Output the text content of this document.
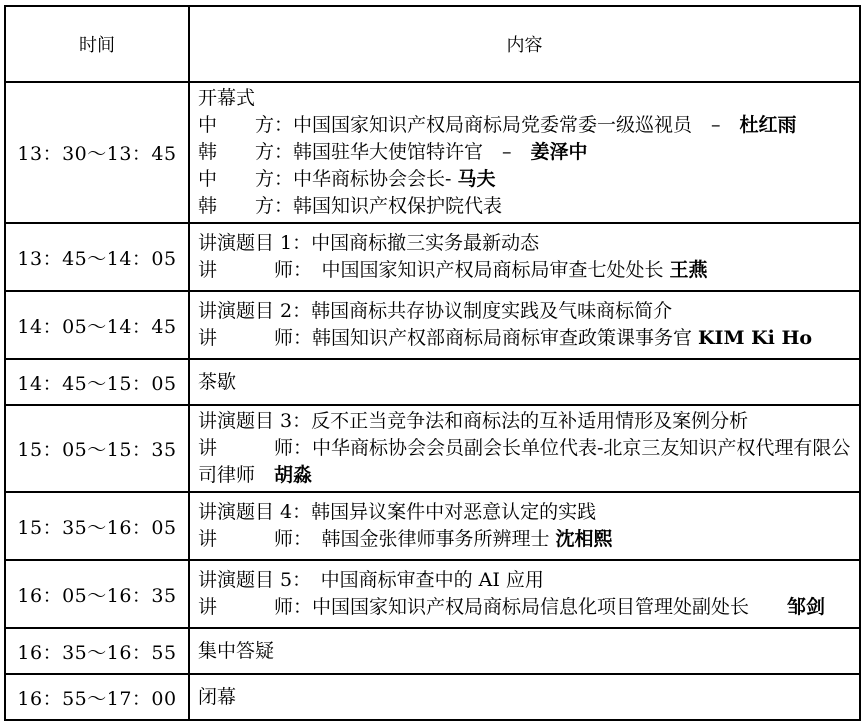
时间	内容
13：30～13：45	开幕式
中　　方：中国国家知识产权局商标局党委常委一级巡视员　–　杜红雨
韩　　方：韩国驻华大使馆特许官　–　姜泽中
中　　方：中华商标协会会长- 马夫
韩　　方：韩国知识产权保护院代表

13：45～14：05	讲演题目 1：中国商标撤三实务最新动态
讲　　　师：　中国国家知识产权局商标局审查七处处长 王燕

14：05～14：45	讲演题目 2：韩国商标共存协议制度实践及气味商标简介
讲　　　师：韩国知识产权部商标局商标审查政策课事务官 KIM Ki Ho

14：45～15：05	茶歇

15：05～15：35	讲演题目 3：反不正当竞争法和商标法的互补适用情形及案例分析
讲　　　师：中华商标协会会员副会长单位代表-北京三友知识产权代理有限公司律师　胡淼

15：35～16：05	讲演题目 4：韩国异议案件中对恶意认定的实践
讲　　　师：　韩国金张律师事务所辨理士 沈相熙

16：05～16：35	讲演题目 5：　中国商标审查中的 AI 应用
讲　　　师：中国国家知识产权局商标局信息化项目管理处副处长　　邹剑

16：35～16：55	集中答疑

16：55～17：00	闭幕
